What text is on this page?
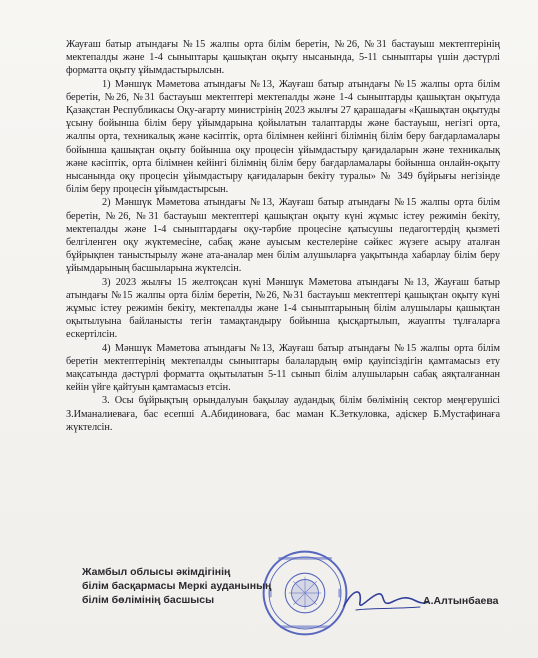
Жауғаш батыр атындағы №15 жалпы орта білім беретін, №26, №31 бастауыш мектептерінің мектепалды және 1-4 сыныптары қашықтан оқыту нысанында, 5-11 сыныптары үшін дәстүрлі форматта оқыту ұйымдастырылсын.

1) Мәншүк Мәметова атындағы №13, Жауғаш батыр атындағы №15 жалпы орта білім беретін, №26, №31 бастауыш мектептері мектепалды және 1-4 сыныптарды қашықтан оқытуда Қазақстан Республикасы Оқу-ағарту министрінің 2023 жылғы 27 қарашадағы «Қашықтан оқытуды ұсыну бойынша білім беру ұйымдарына қойылатын талаптарды және бастауыш, негізгі орта, жалпы орта, техникалық және кәсіптік, орта білімнен кейінгі білімнің білім беру бағдарламалары бойынша қашықтан оқыту бойынша оқу процесін ұйымдастыру қағидаларын және техникалық және кәсіптік, орта білімнен кейінгі білімнің білім беру бағдарламалары бойынша онлайн-оқыту нысанында оқу процесін ұйымдастыру қағидаларын бекіту туралы» № 349 бұйрығы негізінде білім беру процесін ұйымдастырсын.

2) Мәншүк Мәметова атындағы №13, Жауғаш батыр атындағы №15 жалпы орта білім беретін, №26, №31 бастауыш мектептері қашықтан оқыту күні жұмыс істеу режимін бекіту, мектепалды және 1-4 сыныптардағы оқу-тәрбие процесіне қатысушы педагогтердің қызметі белгіленген оқу жүктемесіне, сабақ және ауысым кестелеріне сәйкес жүзеге асыру аталған бұйрықпен таныстырылу және ата-аналар мен білім алушыларға уақытында хабарлау білім беру ұйымдарының басшыларына жүктелсін.

3) 2023 жылғы 15 желтоқсан күні Мәншүк Мәметова атындағы №13, Жауғаш батыр атындағы №15 жалпы орта білім беретін, №26, №31 бастауыш мектептері қашықтан оқыту күні жұмыс істеу режимін бекіту, мектепалды және 1-4 сыныптарының білім алушылары қашықтан оқытылуына байланысты тегін тамақтандыру бойынша қысқартылып, жауапты тұлғаларға ескертілсін.

4) Мәншүк Мәметова атындағы №13, Жауғаш батыр атындағы №15 жалпы орта білім беретін мектептерінің мектепалды сыныптары балалардың өмір қауіпсіздігін қамтамасыз ету мақсатында дәстүрлі форматта оқытылатын 5-11 сынып білім алушыларын сабақ аяқталғаннан кейін үйге қайтуын қамтамасыз етсін.

3. Осы бұйрықтың орындалуын бақылау аудандық білім бөлімінің сектор меңгерушісі З.Иманалиеваға, бас есепші А.Абидиноваға, бас маман К.Зеткуловка, әдіскер Б.Мустафинаға жүктелсін.

Жамбыл облысы әкімдігінің
білім басқармасы Меркі ауданының
білім бөлімінің басшысы	А.Алтынбаева
